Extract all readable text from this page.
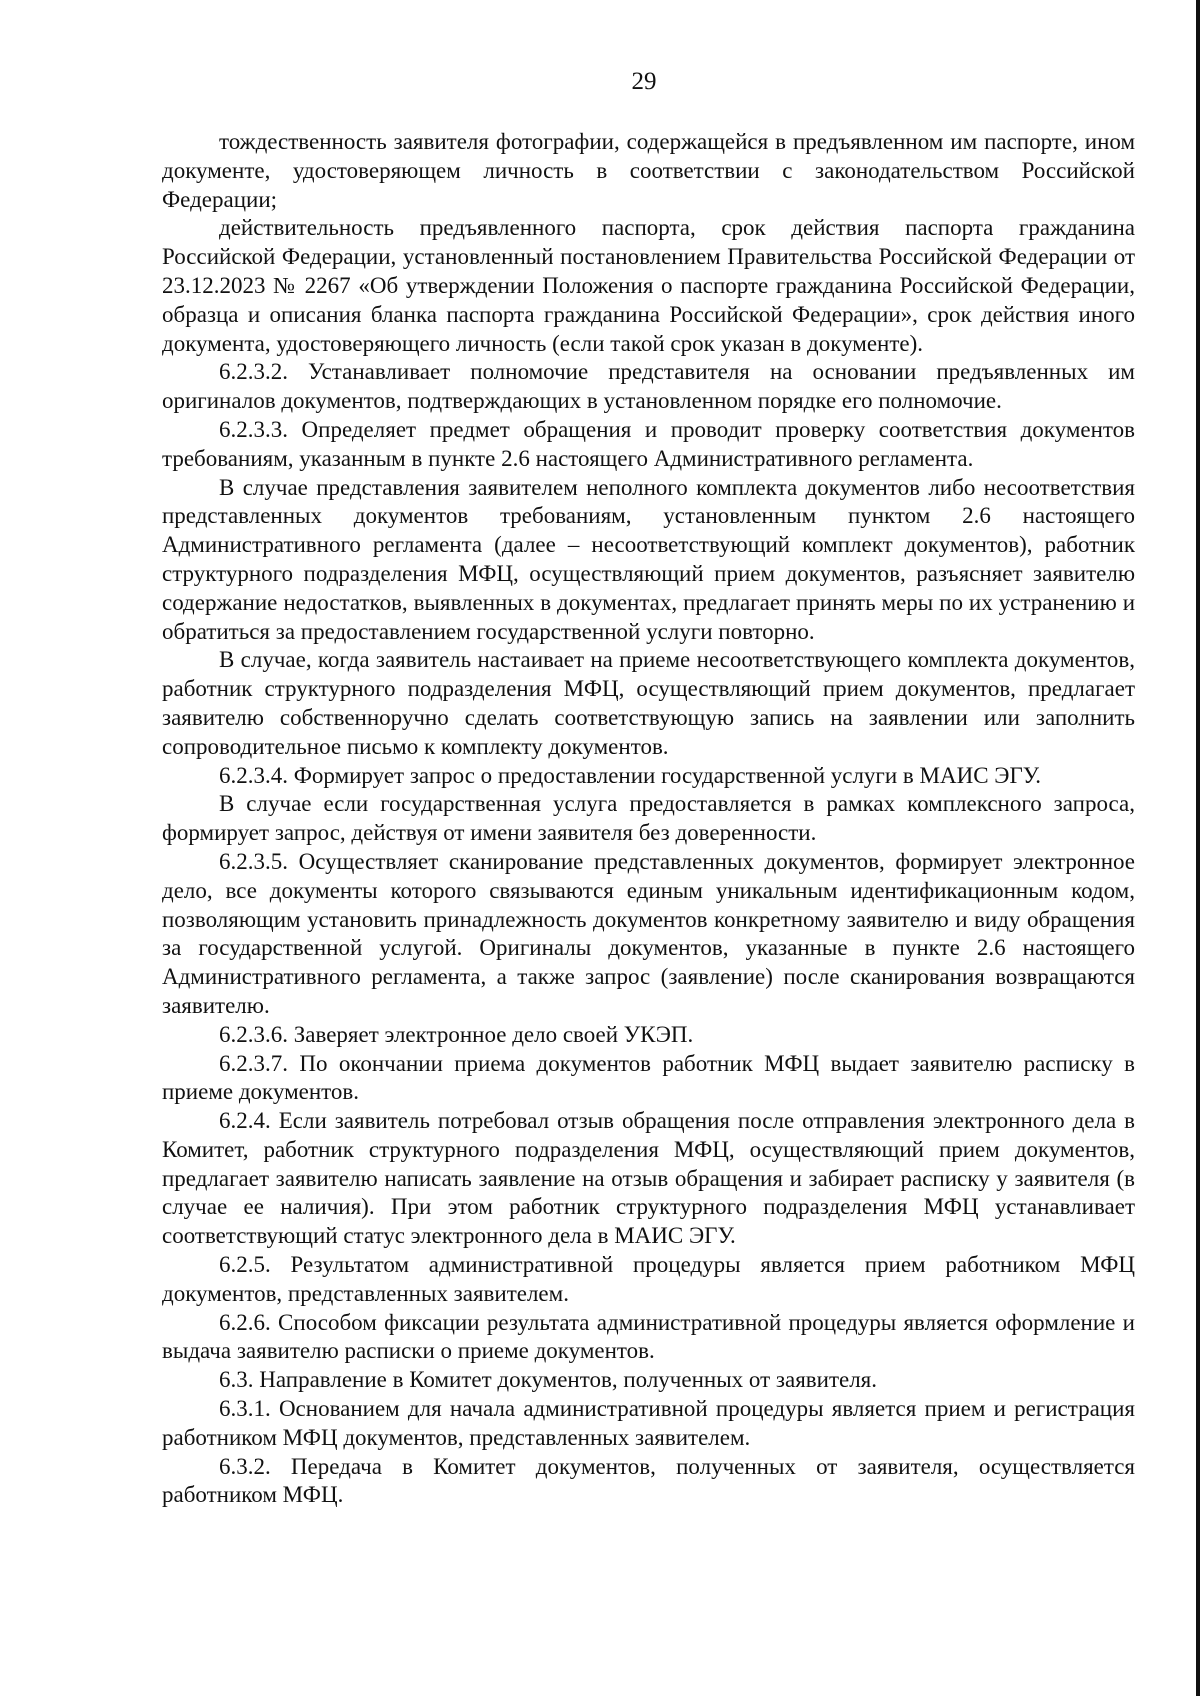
29

тождественность заявителя фотографии, содержащейся в предъявленном им паспорте, ином документе, удостоверяющем личность в соответствии с законодательством Российской Федерации;

действительность предъявленного паспорта, срок действия паспорта гражданина Российской Федерации, установленный постановлением Правительства Российской Федерации от 23.12.2023 № 2267 «Об утверждении Положения о паспорте гражданина Российской Федерации, образца и описания бланка паспорта гражданина Российской Федерации», срок действия иного документа, удостоверяющего личность (если такой срок указан в документе).

6.2.3.2. Устанавливает полномочие представителя на основании предъявленных им оригиналов документов, подтверждающих в установленном порядке его полномочие.

6.2.3.3. Определяет предмет обращения и проводит проверку соответствия документов требованиям, указанным в пункте 2.6 настоящего Административного регламента.

В случае представления заявителем неполного комплекта документов либо несоответствия представленных документов требованиям, установленным пунктом 2.6 настоящего Административного регламента (далее – несоответствующий комплект документов), работник структурного подразделения МФЦ, осуществляющий прием документов, разъясняет заявителю содержание недостатков, выявленных в документах, предлагает принять меры по их устранению и обратиться за предоставлением государственной услуги повторно.

В случае, когда заявитель настаивает на приеме несоответствующего комплекта документов, работник структурного подразделения МФЦ, осуществляющий прием документов, предлагает заявителю собственноручно сделать соответствующую запись на заявлении или заполнить сопроводительное письмо к комплекту документов.

6.2.3.4. Формирует запрос о предоставлении государственной услуги в МАИС ЭГУ.

В случае если государственная услуга предоставляется в рамках комплексного запроса, формирует запрос, действуя от имени заявителя без доверенности.

6.2.3.5. Осуществляет сканирование представленных документов, формирует электронное дело, все документы которого связываются единым уникальным идентификационным кодом, позволяющим установить принадлежность документов конкретному заявителю и виду обращения за государственной услугой. Оригиналы документов, указанные в пункте 2.6 настоящего Административного регламента, а также запрос (заявление) после сканирования возвращаются заявителю.

6.2.3.6. Заверяет электронное дело своей УКЭП.

6.2.3.7. По окончании приема документов работник МФЦ выдает заявителю расписку в приеме документов.

6.2.4. Если заявитель потребовал отзыв обращения после отправления электронного дела в Комитет, работник структурного подразделения МФЦ, осуществляющий прием документов, предлагает заявителю написать заявление на отзыв обращения и забирает расписку у заявителя (в случае ее наличия). При этом работник структурного подразделения МФЦ устанавливает соответствующий статус электронного дела в МАИС ЭГУ.

6.2.5. Результатом административной процедуры является прием работником МФЦ документов, представленных заявителем.

6.2.6. Способом фиксации результата административной процедуры является оформление и выдача заявителю расписки о приеме документов.

6.3. Направление в Комитет документов, полученных от заявителя.

6.3.1. Основанием для начала административной процедуры является прием и регистрация работником МФЦ документов, представленных заявителем.

6.3.2. Передача в Комитет документов, полученных от заявителя, осуществляется работником МФЦ.
